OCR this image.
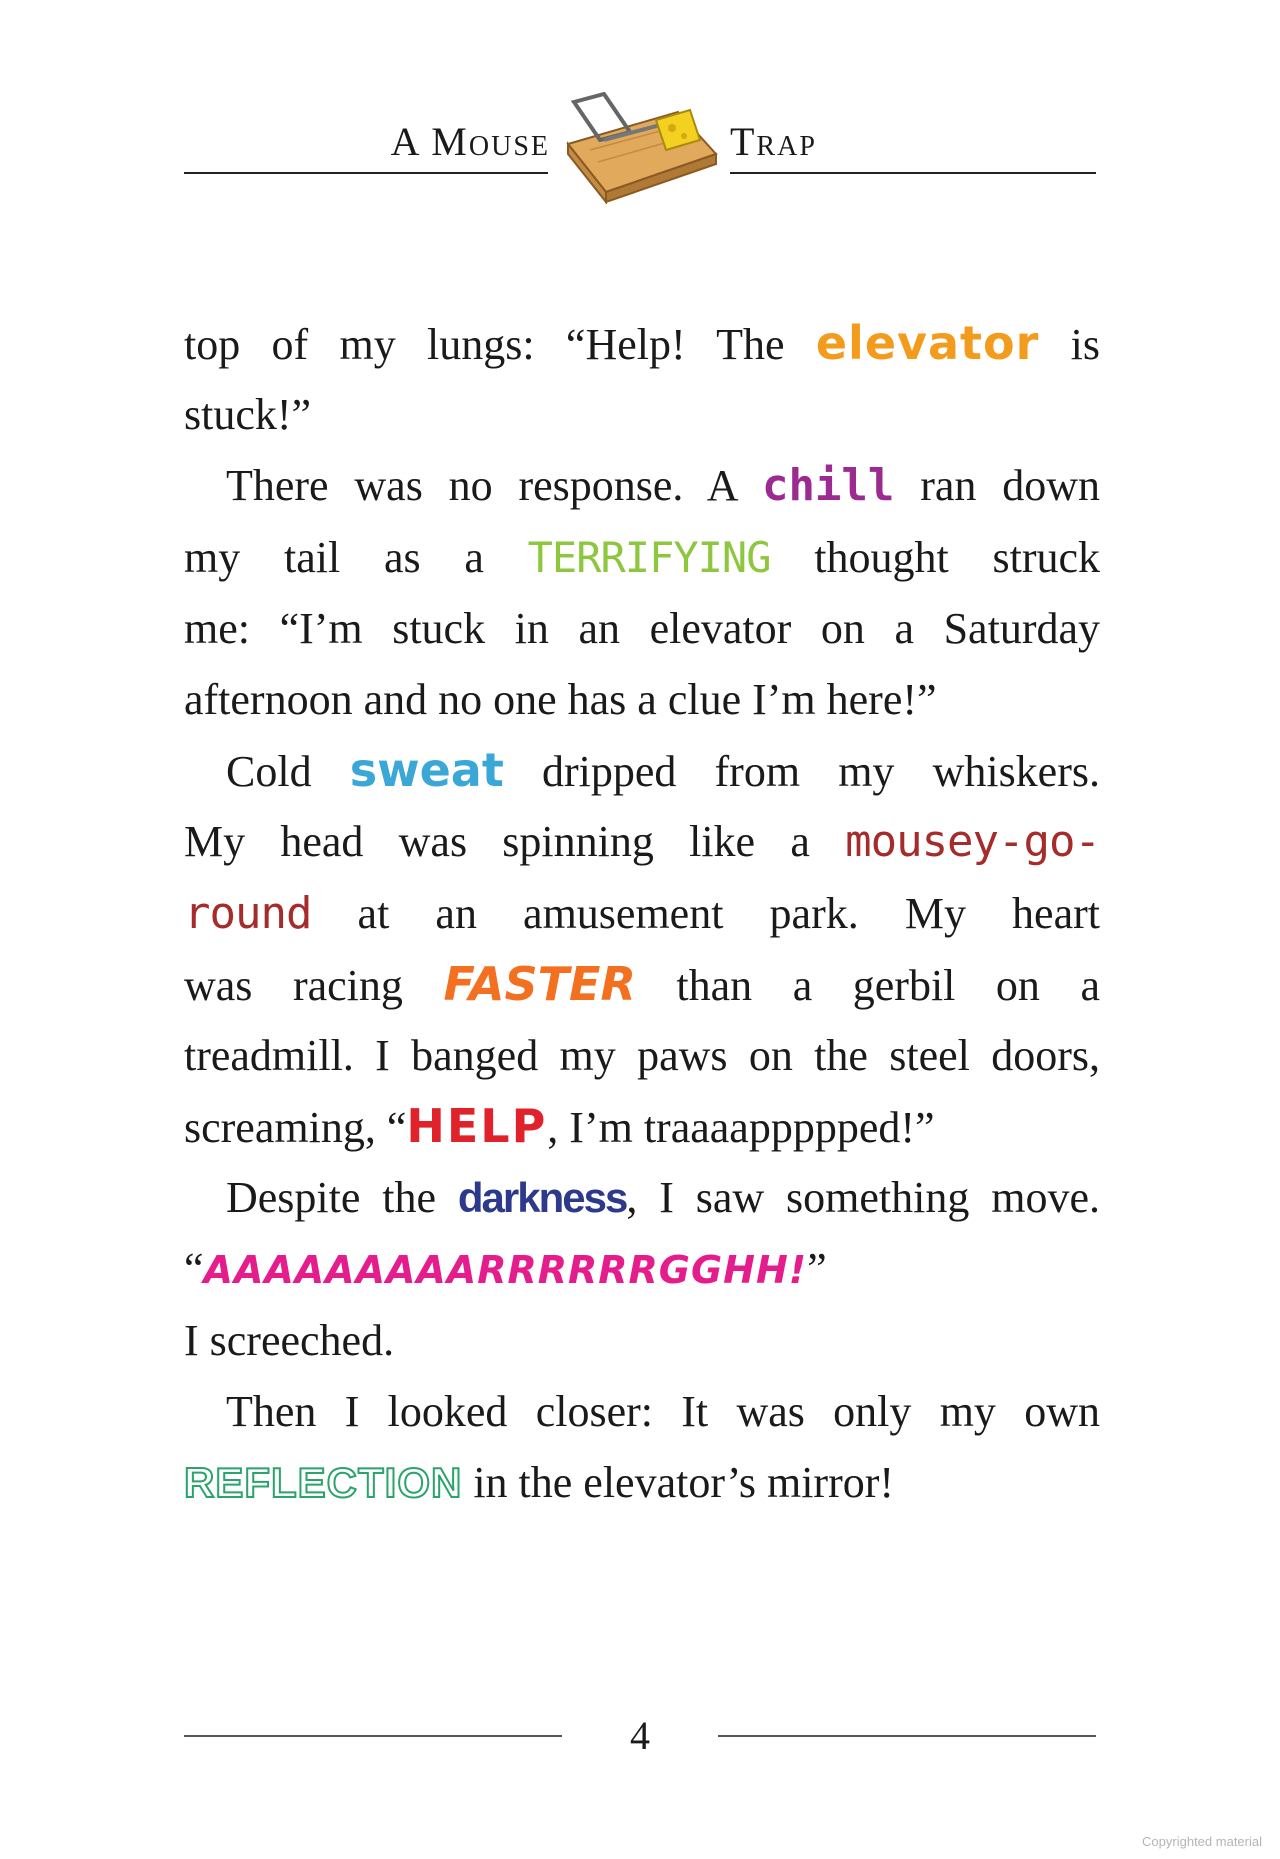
A Mouse	Trap
top of my lungs: “Help! The elevator is
stuck!”
There was no response. A chill ran down
my tail as a TERRIFYING thought struck
me: “I’m stuck in an elevator on a Saturday
afternoon and no one has a clue I’m here!”
Cold sweat dripped from my whiskers.
My head was spinning like a mousey-go-
round at an amusement park. My heart
was racing FASTER than a gerbil on a
treadmill. I banged my paws on the steel doors,
screaming, “HELP, I’m traaaappppped!”
Despite the darkness, I saw something move.
“AAAAAAAAARRRRRRGGHH!”
I screeched.
Then I looked closer: It was only my own
REFLECTION in the elevator’s mirror!
4
Copyrighted material
